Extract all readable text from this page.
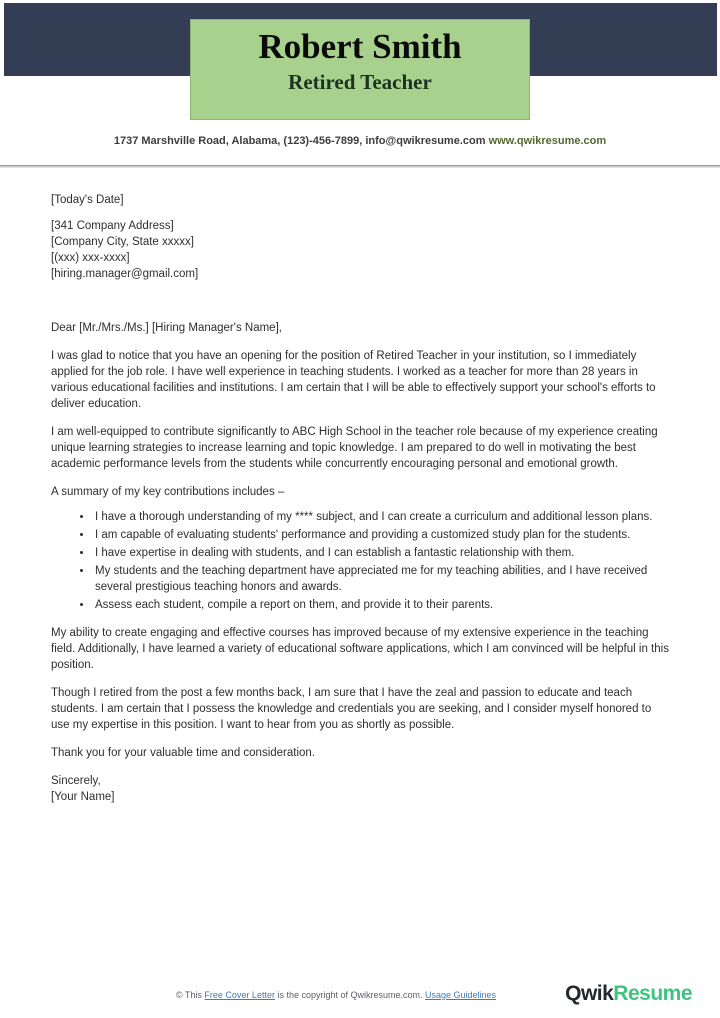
Robert Smith
Retired Teacher
1737 Marshville Road, Alabama, (123)-456-7899, info@qwikresume.com www.qwikresume.com

[Today's Date]

[341 Company Address]
[Company City, State xxxxx]
[(xxx) xxx-xxxx]
[hiring.manager@gmail.com]

Dear [Mr./Mrs./Ms.] [Hiring Manager's Name],

I was glad to notice that you have an opening for the position of Retired Teacher in your institution, so I immediately applied for the job role. I have well experience in teaching students. I worked as a teacher for more than 28 years in various educational facilities and institutions. I am certain that I will be able to effectively support your school's efforts to deliver education.

I am well-equipped to contribute significantly to ABC High School in the teacher role because of my experience creating unique learning strategies to increase learning and topic knowledge. I am prepared to do well in motivating the best academic performance levels from the students while concurrently encouraging personal and emotional growth.

A summary of my key contributions includes –

• I have a thorough understanding of my **** subject, and I can create a curriculum and additional lesson plans.
• I am capable of evaluating students' performance and providing a customized study plan for the students.
• I have expertise in dealing with students, and I can establish a fantastic relationship with them.
• My students and the teaching department have appreciated me for my teaching abilities, and I have received several prestigious teaching honors and awards.
• Assess each student, compile a report on them, and provide it to their parents.

My ability to create engaging and effective courses has improved because of my extensive experience in the teaching field. Additionally, I have learned a variety of educational software applications, which I am convinced will be helpful in this position.

Though I retired from the post a few months back, I am sure that I have the zeal and passion to educate and teach students. I am certain that I possess the knowledge and credentials you are seeking, and I consider myself honored to use my expertise in this position. I want to hear from you as shortly as possible.

Thank you for your valuable time and consideration.

Sincerely,

[Your Name]

© This Free Cover Letter is the copyright of Qwikresume.com. Usage Guidelines	QwikResume
